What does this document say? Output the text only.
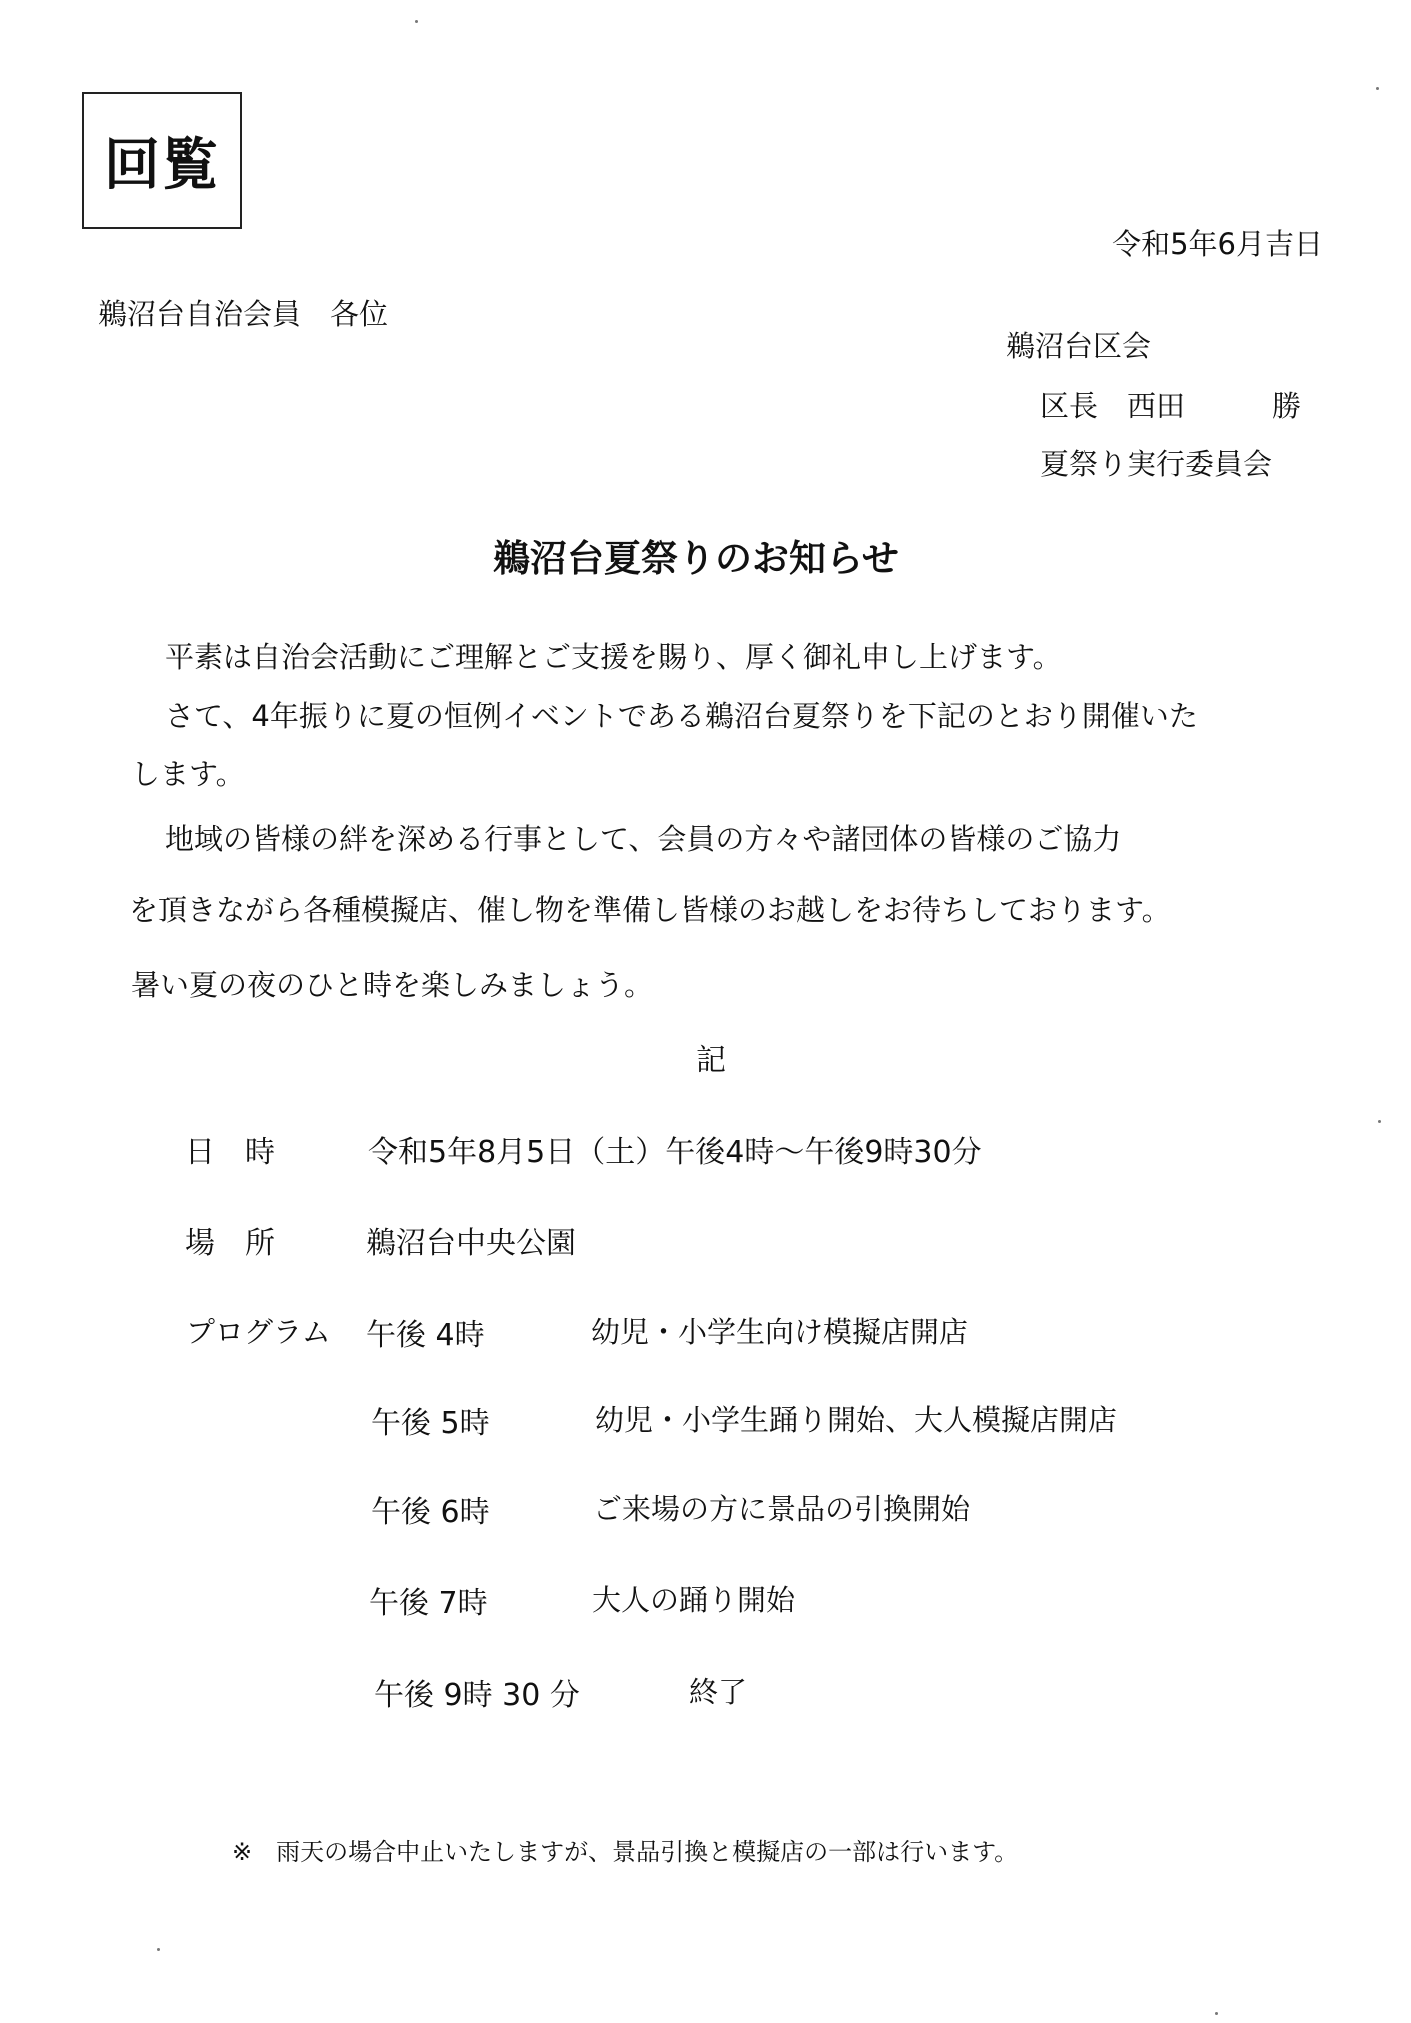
回覧
令和5年6月吉日
鵜沼台自治会員　各位
鵜沼台区会
区長　西田　　　勝
夏祭り実行委員会
鵜沼台夏祭りのお知らせ
平素は自治会活動にご理解とご支援を賜り、厚く御礼申し上げます。
さて、4年振りに夏の恒例イベントである鵜沼台夏祭りを下記のとおり開催いた
します。
地域の皆様の絆を深める行事として、会員の方々や諸団体の皆様のご協力
を頂きながら各種模擬店、催し物を準備し皆様のお越しをお待ちしております。
暑い夏の夜のひと時を楽しみましょう。
記
日　時	令和5年8月5日（土）午後4時～午後9時30分
場　所	鵜沼台中央公園
プログラム 午後 4時	幼児・小学生向け模擬店開店
午後 5時	幼児・小学生踊り開始、大人模擬店開店
午後 6時	ご来場の方に景品の引換開始
午後 7時	大人の踊り開始
午後 9時 30 分	終了
※　雨天の場合中止いたしますが、景品引換と模擬店の一部は行います。
